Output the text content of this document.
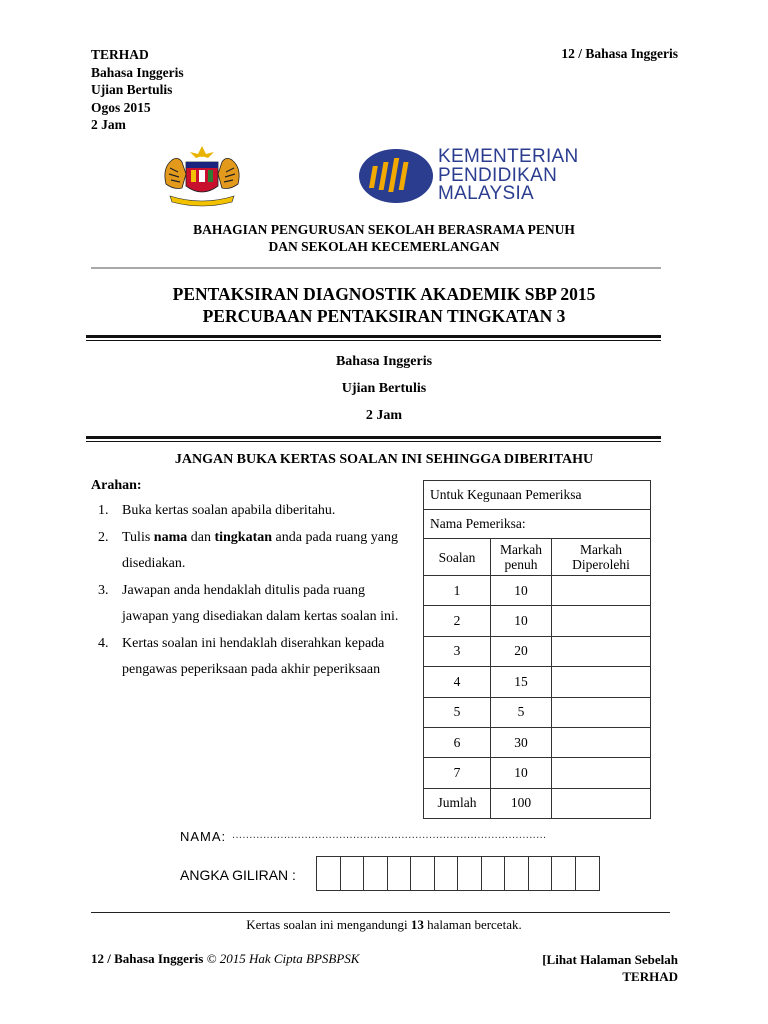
TERHAD
Bahasa Inggeris
Ujian Bertulis
Ogos 2015
2 Jam
12 / Bahasa Inggeris
KEMENTERIAN
PENDIDIKAN
MALAYSIA
BAHAGIAN PENGURUSAN SEKOLAH BERASRAMA PENUH
DAN SEKOLAH KECEMERLANGAN
PENTAKSIRAN DIAGNOSTIK AKADEMIK SBP 2015
PERCUBAAN PENTAKSIRAN TINGKATAN 3
Bahasa Inggeris
Ujian Bertulis
2 Jam
JANGAN BUKA KERTAS SOALAN INI SEHINGGA DIBERITAHU
Arahan:
1. Buka kertas soalan apabila diberitahu.
2. Tulis nama dan tingkatan anda pada ruang yang disediakan.
3. Jawapan anda hendaklah ditulis pada ruang jawapan yang disediakan dalam kertas soalan ini.
4. Kertas soalan ini hendaklah diserahkan kepada pengawas peperiksaan pada akhir peperiksaan
Untuk Kegunaan Pemeriksa		
Nama Pemeriksa:		
Soalan	Markah penuh	Markah Diperolehi
1	10	
2	10	
3	20	
4	15	
5	5	
6	30	
7	10	
Jumlah	100	
NAMA: ...........................................................................................
ANGKA GILIRAN :
Kertas soalan ini mengandungi 13 halaman bercetak.
12 / Bahasa Inggeris © 2015 Hak Cipta BPSBPSK	[Lihat Halaman Sebelah
TERHAD
